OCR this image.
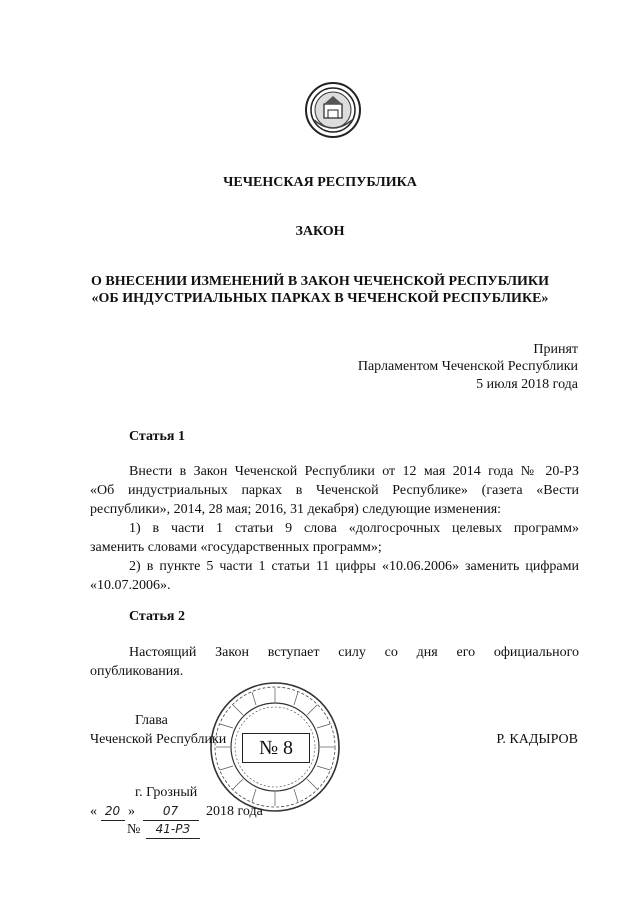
ЧЕЧЕНСКАЯ РЕСПУБЛИКА
ЗАКОН
О ВНЕСЕНИИ ИЗМЕНЕНИЙ В ЗАКОН ЧЕЧЕНСКОЙ РЕСПУБЛИКИ
«ОБ ИНДУСТРИАЛЬНЫХ ПАРКАХ В ЧЕЧЕНСКОЙ РЕСПУБЛИКЕ»
Принят
Парламентом Чеченской Республики
5 июля 2018 года
Статья 1
Внести в Закон Чеченской Республики от 12 мая 2014 года № 20-РЗ
«Об индустриальных парках в Чеченской Республике» (газета «Вести
республики», 2014, 28 мая; 2016, 31 декабря) следующие изменения:
1) в части 1 статьи 9 слова «долгосрочных целевых программ»
заменить словами «государственных программ»;
2) в пункте 5 части 1 статьи 11 цифры «10.06.2006» заменить цифрами
«10.07.2006».
Статья 2
Настоящий Закон вступает силу со дня его официального
опубликования.
№ 8
Глава
Чеченской Республики	Р. КАДЫРОВ
г. Грозный
« 20 » 07 2018 года
№ 41-РЗ
